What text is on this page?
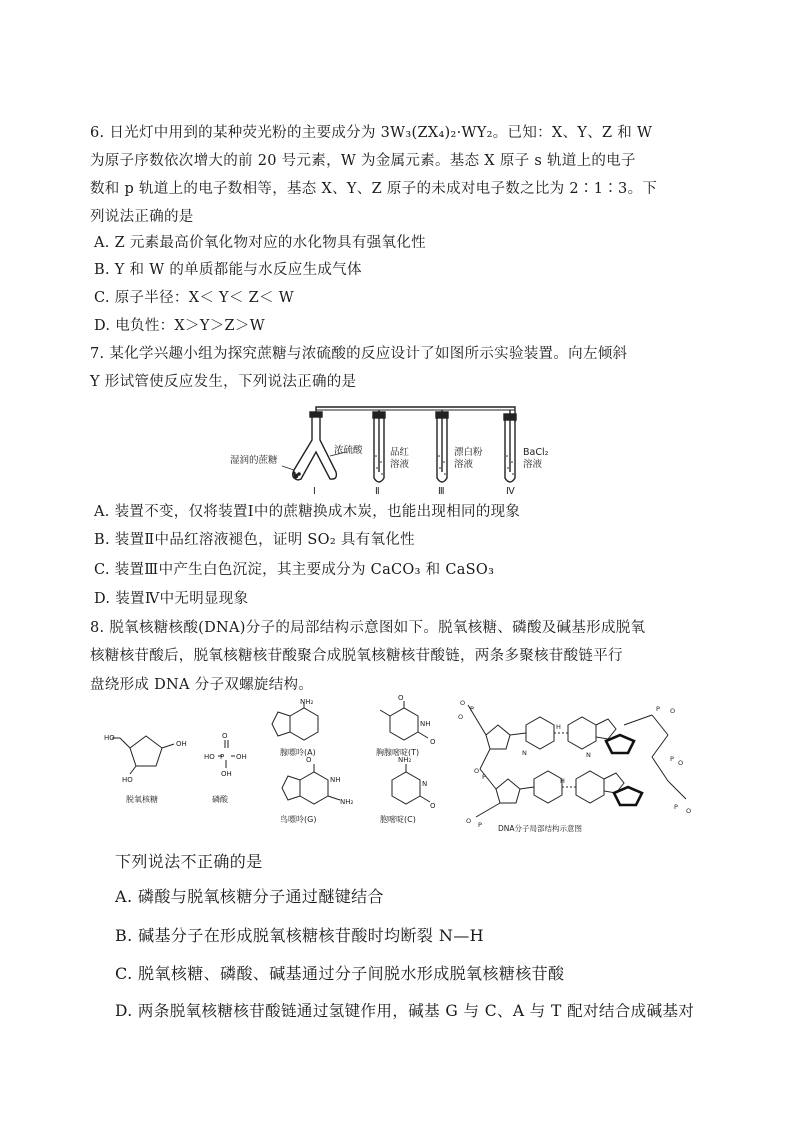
6. 日光灯中用到的某种荧光粉的主要成分为 3W₃(ZX₄)₂·WY₂。已知：X、Y、Z 和 W
为原子序数依次增大的前 20 号元素，W 为金属元素。基态 X 原子 s 轨道上的电子
数和 p 轨道上的电子数相等，基态 X、Y、Z 原子的未成对电子数之比为 2∶1∶3。下
列说法正确的是
A. Z 元素最高价氧化物对应的水化物具有强氧化性
B. Y 和 W 的单质都能与水反应生成气体
C. 原子半径：X＜ Y＜ Z＜ W
D. 电负性：X＞Y＞Z＞W
7. 某化学兴趣小组为探究蔗糖与浓硫酸的反应设计了如图所示实验装置。向左倾斜
Y 形试管使反应发生，下列说法正确的是
湿润的蔗糖
浓硫酸	品红
溶液
漂白粉
溶液
BaCl₂
溶液
Ⅰ	Ⅱ	Ⅲ	Ⅳ
A. 装置不变，仅将装置Ⅰ中的蔗糖换成木炭，也能出现相同的现象
B. 装置Ⅱ中品红溶液褪色，证明 SO₂ 具有氧化性
C. 装置Ⅲ中产生白色沉淀，其主要成分为 CaCO₃ 和 CaSO₃
D. 装置Ⅳ中无明显现象
8. 脱氧核糖核酸(DNA)分子的局部结构示意图如下。脱氧核糖、磷酸及碱基形成脱氧
核糖核苷酸后，脱氧核糖核苷酸聚合成脱氧核糖核苷酸链，两条多聚核苷酸链平行
盘绕形成 DNA 分子双螺旋结构。
HO
OH
HO
O
HO P OH
OH
NH₂	O
NH
O
O
NH
NH₂
NH₂
N
O
脱氧核糖	磷酸
腺嘌呤(A)	胸腺嘧啶(T)
鸟嘌呤(G)	胞嘧啶(C)
O
P
O
O
P
O P
P O
P O
P O
H
H
N	N
DNA分子局部结构示意图
下列说法不正确的是
A. 磷酸与脱氧核糖分子通过醚键结合
B. 碱基分子在形成脱氧核糖核苷酸时均断裂 N—H
C. 脱氧核糖、磷酸、碱基通过分子间脱水形成脱氧核糖核苷酸
D. 两条脱氧核糖核苷酸链通过氢键作用，碱基 G 与 C、A 与 T 配对结合成碱基对
